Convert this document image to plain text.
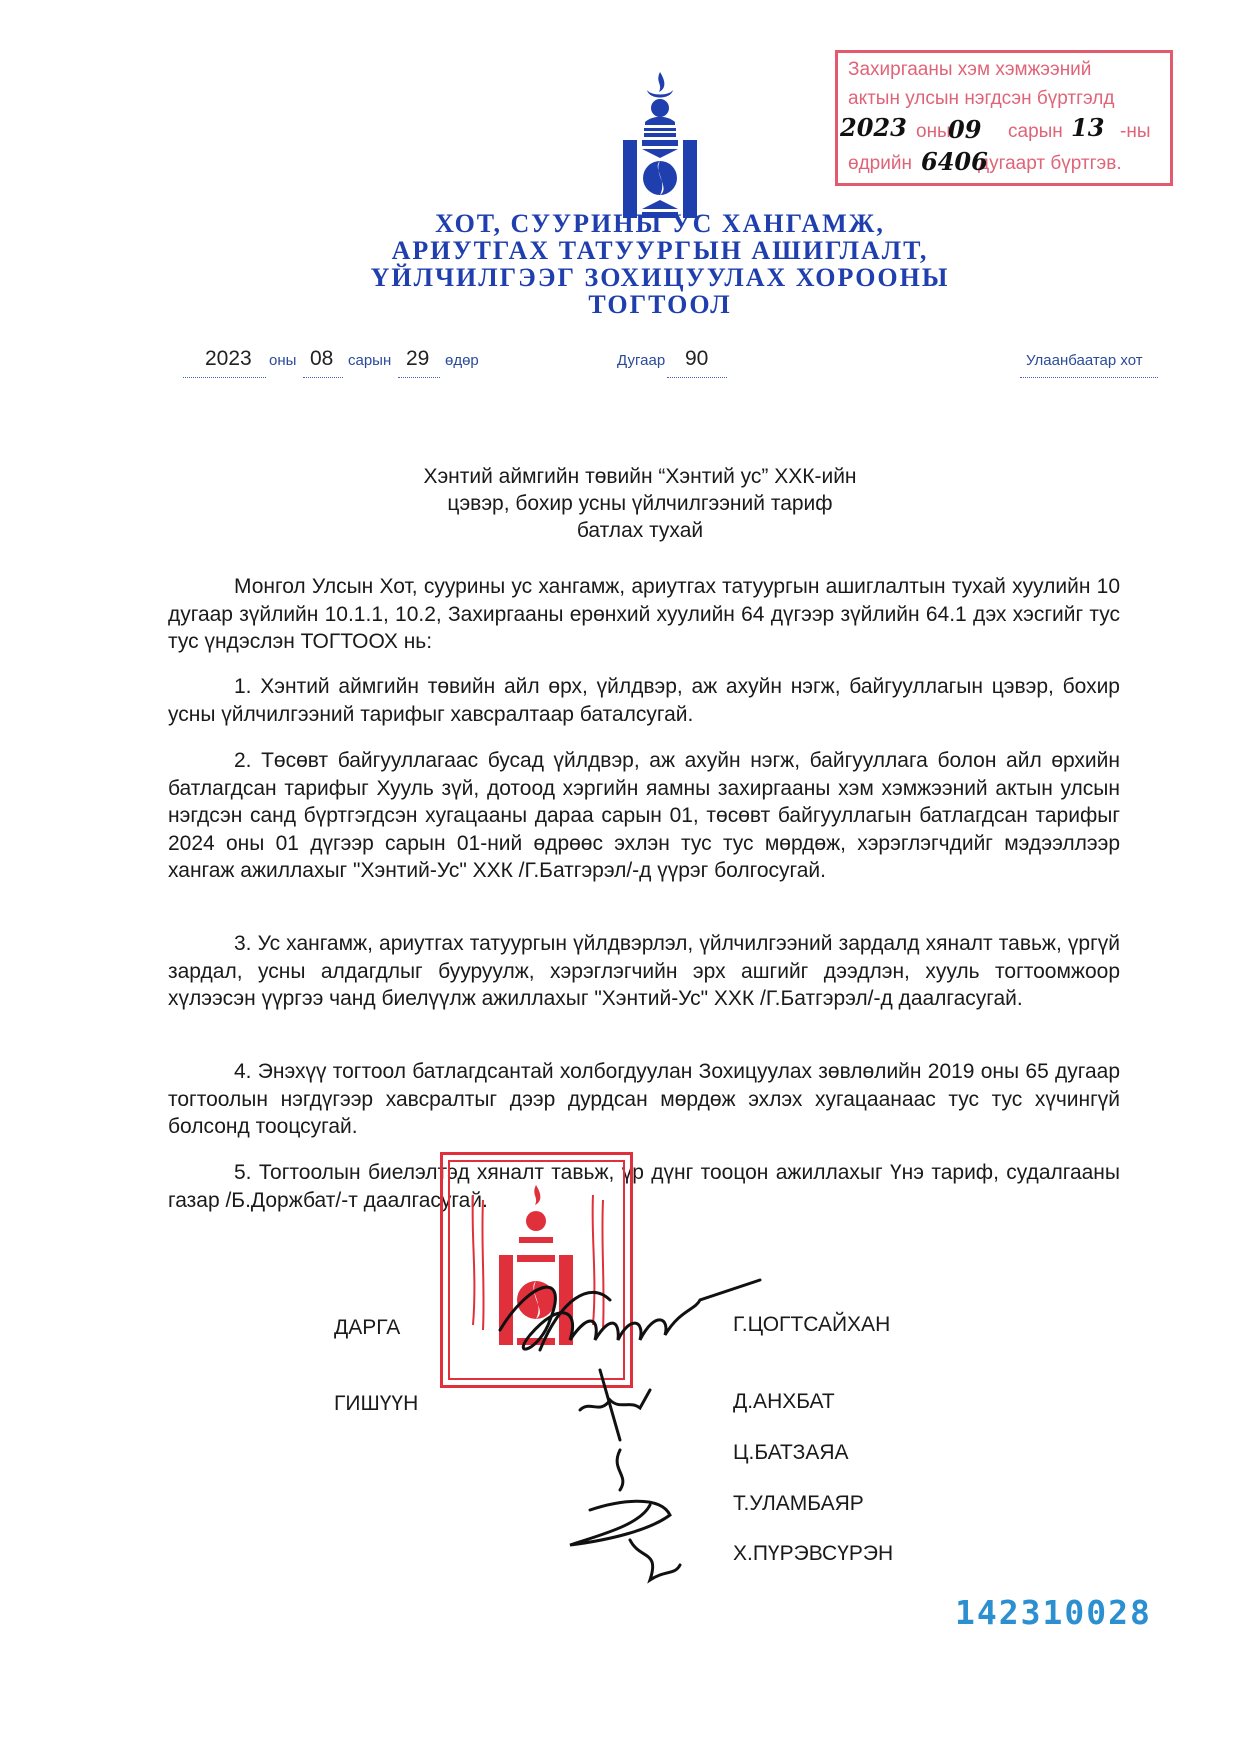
ХОТ, СУУРИНЫ УС ХАНГАМЖ,
АРИУТГАХ ТАТУУРГЫН АШИГЛАЛТ,
ҮЙЛЧИЛГЭЭГ ЗОХИЦУУЛАХ ХОРООНЫ
ТОГТООЛ
Захиргааны хэм хэмжээний
актын улсын нэгдсэн бүртгэлд
оны	сарын	-ны
өдрийн	дугаарт бүртгэв.
2023 09	13
6406
2023 оны 08 сарын 29 өдөр	Дугаар 90	Улаанбаатар хот
Хэнтий аймгийн төвийн “Хэнтий ус” ХХК-ийн
цэвэр, бохир усны үйлчилгээний тариф
батлах тухай
Монгол Улсын Хот, суурины ус хангамж, ариутгах татуургын ашиглалтын тухай хуулийн 10 дугаар зүйлийн 10.1.1, 10.2, Захиргааны ерөнхий хуулийн 64 дүгээр зүйлийн 64.1 дэх хэсгийг тус тус үндэслэн ТОГТООХ нь:
1. Хэнтий аймгийн төвийн айл өрх, үйлдвэр, аж ахуйн нэгж, байгууллагын цэвэр, бохир усны үйлчилгээний тарифыг хавсралтаар баталсугай.
2. Төсөвт байгууллагаас бусад үйлдвэр, аж ахуйн нэгж, байгууллага болон айл өрхийн батлагдсан тарифыг Хууль зүй, дотоод хэргийн яамны захиргааны хэм хэмжээний актын улсын нэгдсэн санд бүртгэгдсэн хугацааны дараа сарын 01, төсөвт байгууллагын батлагдсан тарифыг 2024 оны 01 дүгээр сарын 01-ний өдрөөс эхлэн тус тус мөрдөж, хэрэглэгчдийг мэдээллээр хангаж ажиллахыг "Хэнтий-Ус" ХХК /Г.Батгэрэл/-д үүрэг болгосугай.
3. Ус хангамж, ариутгах татуургын үйлдвэрлэл, үйлчилгээний зардалд хяналт тавьж, үргүй зардал, усны алдагдлыг бууруулж, хэрэглэгчийн эрх ашгийг дээдлэн, хууль тогтоомжоор хүлээсэн үүргээ чанд биелүүлж ажиллахыг "Хэнтий-Ус" ХХК /Г.Батгэрэл/-д даалгасугай.
4. Энэхүү тогтоол батлагдсантай холбогдуулан Зохицуулах зөвлөлийн 2019 оны 65 дугаар тогтоолын нэгдүгээр хавсралтыг дээр дурдсан мөрдөж эхлэх хугацаанаас тус тус хүчингүй болсонд тооцсугай.
5. Тогтоолын биелэлтэд хяналт тавьж, үр дүнг тооцон ажиллахыг Үнэ тариф, судалгааны газар /Б.Доржбат/-т даалгасугай.
ДАРГА	Г.ЦОГТСАЙХАН
ГИШҮҮН	Д.АНХБАТ
Ц.БАТЗАЯА
Т.УЛАМБАЯР
Х.ПҮРЭВСҮРЭН
142310028
